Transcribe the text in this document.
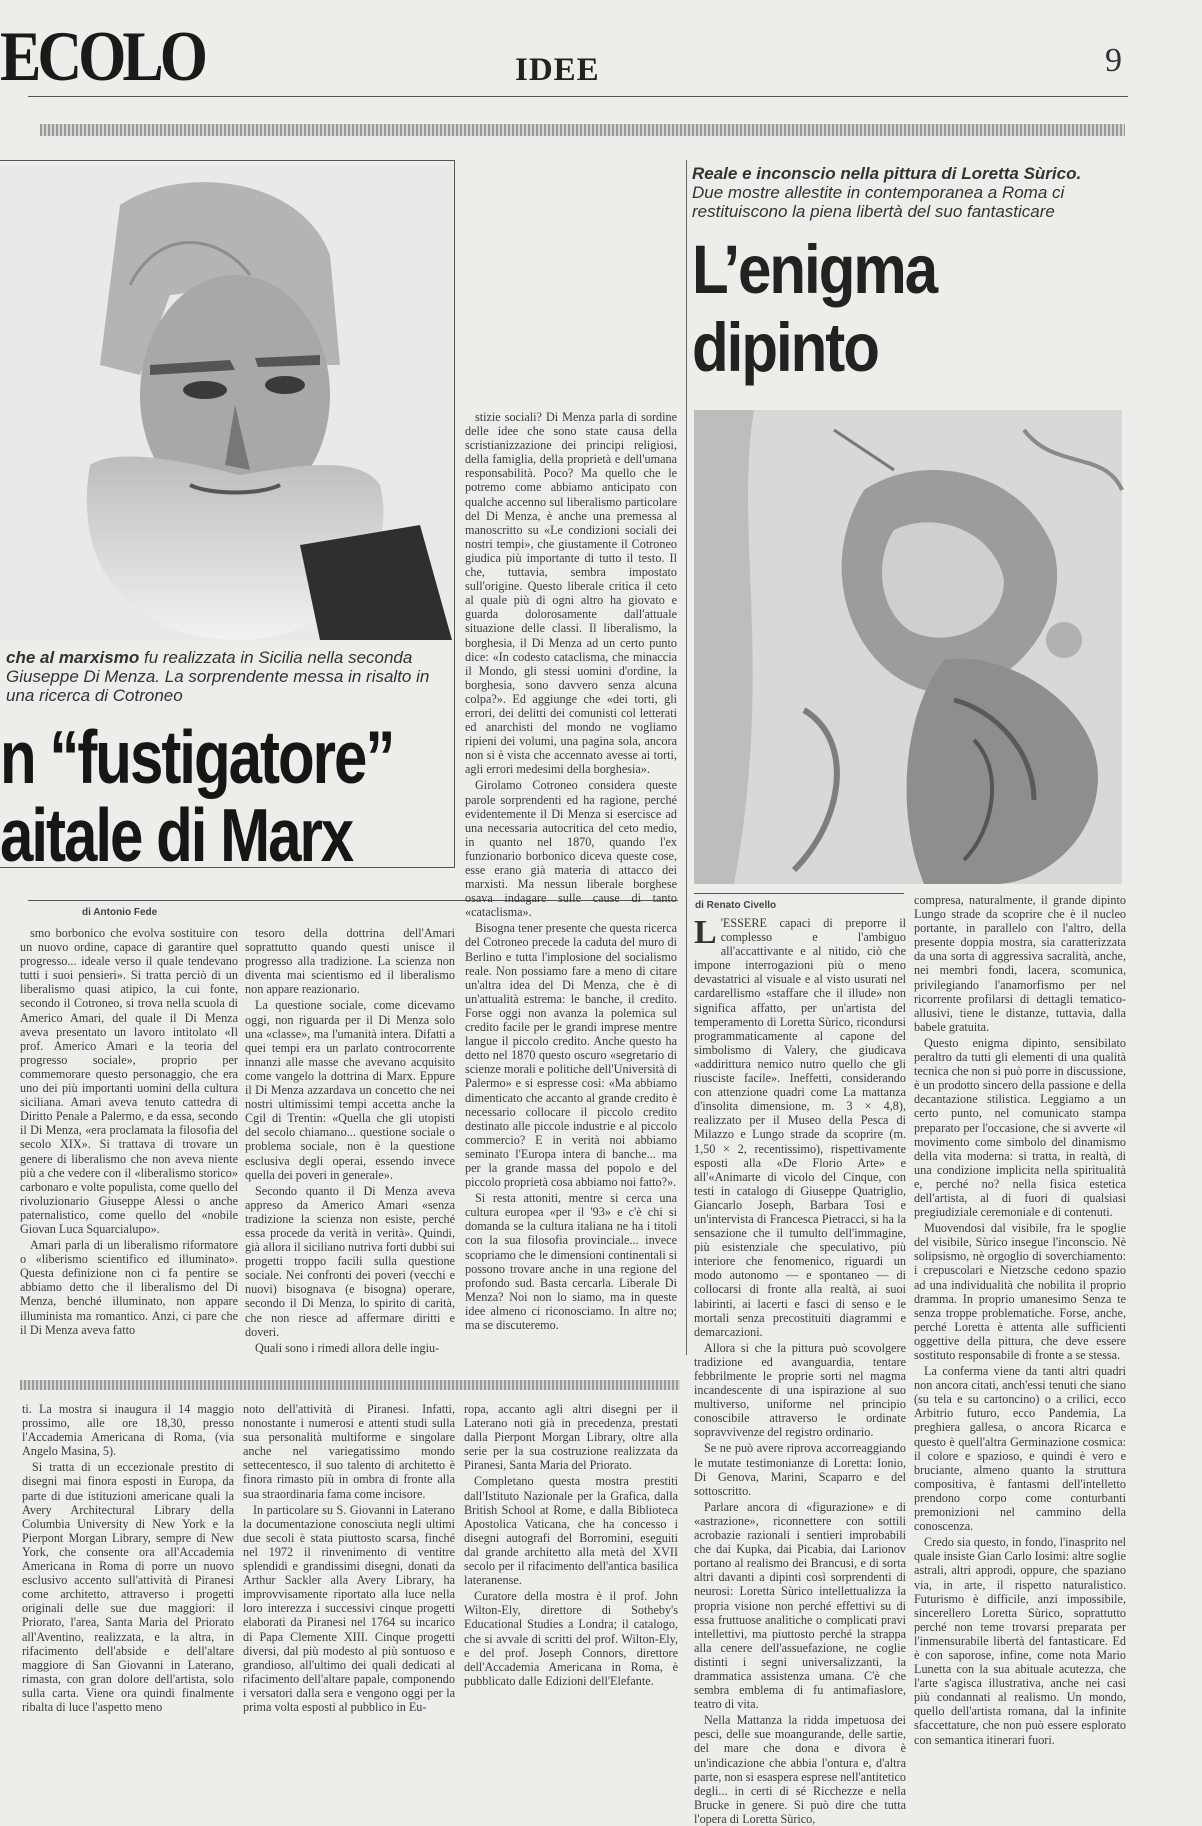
ECOLO	IDEE	9
che al marxismo fu realizzata in Sicilia nella seconda Giuseppe Di Menza. La sorprendente messa in risalto in una ricerca di Cotroneo
n “fustigatore”
aitale di Marx
di Antonio Fede

smo borbonico che evolva sostituire con un nuovo ordine, capace di garantire quel progresso... ideale verso il quale tendevano tutti i suoi pensieri». Si tratta perciò di un liberalismo quasi atipico, la cui fonte, secondo il Cotroneo, si trova nella scuola di Americo Amari, del quale il Di Menza aveva presentato un lavoro intitolato «Il prof. Americo Amari e la teoria del progresso sociale», proprio per commemorare questo personaggio, che era uno dei più importanti uomini della cultura siciliana. Amari aveva tenuto cattedra di Diritto Penale a Palermo, e da essa, secondo il Di Menza, «era proclamata la filosofia del secolo XIX». Si trattava di trovare un genere di liberalismo che non aveva niente più a che vedere con il «liberalismo storico» carbonaro e volte populista, come quello del rivoluzionario Giuseppe Alessi o anche paternalistico, come quello del «nobile Giovan Luca Squarcialupo».

Amari parla di un liberalismo riformatore o «liberismo scientifico ed illuminato». Questa definizione non ci fa pentire se abbiamo detto che il liberalismo del Di Menza, benché illuminato, non appare illuminista ma romantico. Anzi, ci pare che il Di Menza aveva fatto

tesoro della dottrina dell'Amari soprattutto quando questi unisce il progresso alla tradizione. La scienza non diventa mai scientismo ed il liberalismo non appare reazionario.

La questione sociale, come dicevamo oggi, non riguarda per il Di Menza solo una «classe», ma l'umanità intera. Difatti a quei tempi era un parlato controcorrente innanzi alle masse che avevano acquisito come vangelo la dottrina di Marx. Eppure il Di Menza azzardava un concetto che nei nostri ultimissimi tempi accetta anche la Cgil di Trentin: «Quella che gli utopisti del secolo chiamano... questione sociale o problema sociale, non è la questione esclusiva degli operai, essendo invece quella dei poveri in generale».

Secondo quanto il Di Menza aveva appreso da Americo Amari «senza tradizione la scienza non esiste, perché essa procede da verità in verità». Quindi, già allora il siciliano nutriva forti dubbi sui progetti troppo facili sulla questione sociale. Nei confronti dei poveri (vecchi e nuovi) bisognava (e bisogna) operare, secondo il Di Menza, lo spirito di carità, che non riesce ad affermare diritti e doveri.

Quali sono i rimedi allora delle ingiu-

stizie sociali? Di Menza parla di sordine delle idee che sono state causa della scristianizzazione dei principi religiosi, della famiglia, della proprietà e dell'umana responsabilità. Poco? Ma quello che le potremo come abbiamo anticipato con qualche accenno sul liberalismo particolare del Di Menza, è anche una premessa al manoscritto su «Le condizioni sociali dei nostri tempi», che giustamente il Cotroneo giudica più importante di tutto il testo. Il che, tuttavia, sembra impostato sull'origine. Questo liberale critica il ceto al quale più di ogni altro ha giovato e guarda dolorosamente dall'attuale situazione delle classi. Il liberalismo, la borghesia, il Di Menza ad un certo punto dice: «In codesto cataclisma, che minaccia il Mondo, gli stessi uomini d'ordine, la borghesia, sono davvero senza alcuna colpa?». Ed aggiunge che «dei torti, gli errori, dei delitti dei comunisti col letterati ed anarchisti del mondo ne vogliamo ripieni dei volumi, una pagina sola, ancora non si è vista che accennato avesse ai torti, agli errori medesimi della borghesia».

Girolamo Cotroneo considera queste parole sorprendenti ed ha ragione, perché evidentemente il Di Menza si esercisce ad una necessaria autocritica del ceto medio, in quanto nel 1870, quando l'ex funzionario borbonico diceva queste cose, esse erano già materia di attacco dei marxisti. Ma nessun liberale borghese osava indagare sulle cause di tanto «cataclisma».

Bisogna tener presente che questa ricerca del Cotroneo precede la caduta del muro di Berlino e tutta l'implosione del socialismo reale. Non possiamo fare a meno di citare un'altra idea del Di Menza, che è di un'attualità estrema: le banche, il credito. Forse oggi non avanza la polemica sul credito facile per le grandi imprese mentre langue il piccolo credito. Anche questo ha detto nel 1870 questo oscuro «segretario di scienze morali e politiche dell'Università di Palermo» e si espresse così: «Ma abbiamo dimenticato che accanto al grande credito è necessario collocare il piccolo credito destinato alle piccole industrie e al piccolo commercio? E in verità noi abbiamo seminato l'Europa intera di banche... ma per la grande massa del popolo e del piccolo proprietà cosa abbiamo noi fatto?».

Si resta attoniti, mentre si cerca una cultura europea «per il '93» e c'è chi si domanda se la cultura italiana ne ha i titoli con la sua filosofia provinciale... invece scopriamo che le dimensioni continentali si possono trovare anche in una regione del profondo sud. Basta cercarla. Liberale Di Menza? Noi non lo siamo, ma in queste idee almeno ci riconosciamo. In altre no; ma se discuteremo.

Reale e inconscio nella pittura di Loretta Sùrico. Due mostre allestite in contemporanea a Roma ci restituiscono la piena libertà del suo fantasticare
L’enigma
dipinto
di Renato Civello

L 'ESSERE capaci di preporre il complesso e l'ambiguo all'accattivante e al nitido, ciò che impone interrogazioni più o meno devastatrici al visuale e al visto usurati nel cardarellismo «staffare che il illude» non significa affatto, per un'artista del temperamento di Loretta Sùrico, ricondursi programmaticamente al capone del simbolismo di Valery, che giudicava «addirittura nemico nutro quello che gli riusciste facile». Ineffetti, considerando con attenzione quadri come La mattanza d'insolita dimensione, m. 3 × 4,8), realizzato per il Museo della Pesca di Milazzo e Lungo strade da scoprire (m. 1,50 × 2, recentissimo), rispettivamente esposti alla «De Florio Arte» e all'«Animarte di vicolo del Cinque, con testi in catalogo di Giuseppe Quatriglio, Giancarlo Joseph, Barbara Tosi e un'intervista di Francesca Pietracci, si ha la sensazione che il tumulto dell'immagine, più esistenziale che speculativo, più interiore che fenomenico, riguardi un modo autonomo — e spontaneo — di collocarsi di fronte alla realtà, ai suoi labirinti, ai lacerti e fasci di senso e le mortali senza precostituiti diagrammi e demarcazioni.

Allora si che la pittura può scovolgere tradizione ed avanguardia, tentare febbrilmente le proprie sorti nel magma incandescente di una ispirazione al suo multiverso, uniforme nel principio conoscibile attraverso le ordinate sopravvivenze del registro ordinario.

Se ne può avere riprova accorreaggiando le mutate testimonianze di Loretta: Ionio, Di Genova, Marini, Scaparro e del sottoscritto.

Parlare ancora di «figurazione» e di «astrazione», riconnettere con sottili acrobazie razionali i sentieri improbabili che dai Kupka, dai Picabia, dai Larionov portano al realismo dei Brancusi, e di sorta altri davanti a dipinti così sorprendenti di neurosi: Loretta Sùrico intellettualizza la propria visione non perché effettivi su di essa fruttuose analitiche o complicati pravi intellettivi, ma piuttosto perché la strappa alla cenere dell'assuefazione, ne coglie distinti i segni universalizzanti, la drammatica assistenza umana. C'è che sembra emblema di fu antimafiaslore, teatro di vita.

Nella Mattanza la ridda impetuosa dei pesci, delle sue moangurande, delle sartie, del mare che dona e divora è un'indicazione che abbia l'ontura e, d'altra parte, non si esaspera esprese nell'antitetico degli... in certi di sé Ricchezze e nella Brucke in genere. Si può dire che tutta l'opera di Loretta Sùrico,

compresa, naturalmente, il grande dipinto Lungo strade da scoprire che è il nucleo portante, in parallelo con l'altro, della presente doppia mostra, sia caratterizzata da una sorta di aggressiva sacralità, anche, nei membri fondi, lacera, scomunica, privilegiando l'anamorfismo per nel ricorrente profilarsi di dettagli tematico-allusivi, tiene le distanze, tuttavia, dalla babele gratuita.

Questo enigma dipinto, sensibilato peraltro da tutti gli elementi di una qualità tecnica che non si può porre in discussione, è un prodotto sincero della passione e della decantazione stilistica. Leggiamo a un certo punto, nel comunicato stampa preparato per l'occasione, che si avverte «il movimento come simbolo del dinamismo della vita moderna: si tratta, in realtà, di una condizione implicita nella spiritualità e, perché no? nella fisica estetica dell'artista, al di fuori di qualsiasi pregiudiziale ceremoniale e di contenuti.

Muovendosi dal visibile, fra le spoglie del visibile, Sùrico insegue l'inconscio. Nè solipsismo, nè orgoglio di soverchiamento: i crepuscolari e Nietzsche cedono spazio ad una individualità che nobilita il proprio dramma. In proprio umanesimo Senza te senza troppe problematiche. Forse, anche, perché Loretta è attenta alle sufficienti oggettive della pittura, che deve essere sostituto responsabile di fronte a se stessa.

La conferma viene da tanti altri quadri non ancora citati, anch'essi tenuti che siano (su tela e su cartoncino) o a crilici, ecco Arbitrio futuro, ecco Pandemia, La preghiera gallesa, o ancora Ricarca e questo è quell'altra Germinazione cosmica: il colore e spazioso, e quindi è vero e bruciante, almeno quanto la struttura compositiva, è fantasmi dell'intelletto prendono corpo come conturbanti premonizioni nel cammino della conoscenza.

Credo sia questo, in fondo, l'inasprito nel quale insiste Gian Carlo Iosimi: altre soglie astrali, altri approdi, oppure, che spaziano via, in arte, il rispetto naturalistico. Futurismo è difficile, anzi impossibile, sincerellero Loretta Sùrico, soprattutto perché non teme trovarsi preparata per l'inmensurabile libertà del fantasticare. Ed è con saporose, infine, come nota Mario Lunetta con la sua abituale acutezza, che l'arte s'agisca illustrativa, anche nei casi più condannati al realismo. Un mondo, quello dell'artista romana, dal la infinite sfaccettature, che non può essere esplorato con semantica itinerari fuori.

ti. La mostra si inaugura il 14 maggio prossimo, alle ore 18,30, presso l'Accademia Americana di Roma, (via Angelo Masina, 5).

Si tratta di un eccezionale prestito di disegni mai finora esposti in Europa, da parte di due istituzioni americane quali la Avery Architectural Library della Columbia University di New York e la Pierpont Morgan Library, sempre di New York, che consente ora all'Accademia Americana in Roma di porre un nuovo esclusivo accento sull'attività di Piranesi come architetto, attraverso i progetti originali delle sue due maggiori: il Priorato, l'area, Santa Maria del Priorato all'Aventino, realizzata, e la altra, in rifacimento dell'abside e dell'altare maggiore di San Giovanni in Laterano, rimasta, con gran dolore dell'artista, solo sulla carta. Viene ora quindi finalmente ribalta di luce l'aspetto meno

noto dell'attività di Piranesi. Infatti, nonostante i numerosi e attenti studi sulla sua personalità multiforme e singolare anche nel variegatissimo mondo settecentesco, il suo talento di architetto è finora rimasto più in ombra di fronte alla sua straordinaria fama come incisore.

In particolare su S. Giovanni in Laterano la documentazione conosciuta negli ultimi due secoli è stata piuttosto scarsa, finché nel 1972 il rinvenimento di ventitre splendidi e grandissimi disegni, donati da Arthur Sackler alla Avery Library, ha improvvisamente riportato alla luce nella loro interezza i successivi cinque progetti elaborati da Piranesi nel 1764 su incarico di Papa Clemente XIII. Cinque progetti diversi, dal più modesto al più sontuoso e grandioso, all'ultimo dei quali dedicati al rifacimento dell'altare papale, componendo i versatori dalla sera e vengono oggi per la prima volta esposti al pubblico in Eu-

ropa, accanto agli altri disegni per il Laterano noti già in precedenza, prestati dalla Pierpont Morgan Library, oltre alla serie per la sua costruzione realizzata da Piranesi, Santa Maria del Priorato.

Completano questa mostra prestiti dall'Istituto Nazionale per la Grafica, dalla British School at Rome, e dalla Biblioteca Apostolica Vaticana, che ha concesso i disegni autografi del Borromini, eseguiti dal grande architetto alla metà del XVII secolo per il rifacimento dell'antica basilica lateranense.

Curatore della mostra è il prof. John Wilton-Ely, direttore di Sotheby's Educational Studies a Londra; il catalogo, che si avvale di scritti del prof. Wilton-Ely, e del prof. Joseph Connors, direttore dell'Accademia Americana in Roma, è pubblicato dalle Edizioni dell'Elefante.
